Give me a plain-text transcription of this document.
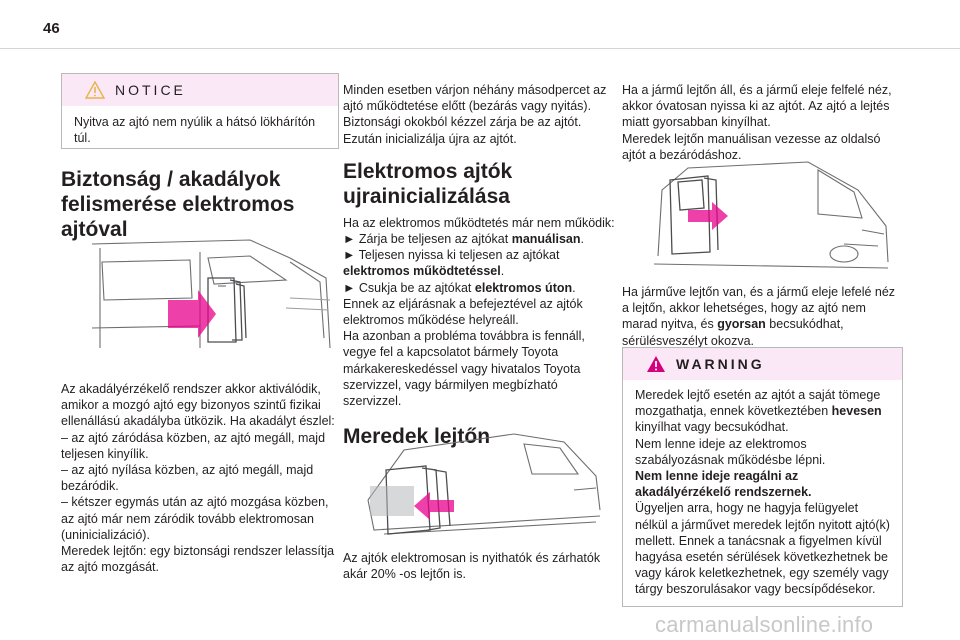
46
NOTICE
Nyitva az ajtó nem nyúlik a hátsó lökhárítón túl.

Biztonság / akadályok

felismerése elektromos

ajtóval

Az akadályérzékelő rendszer akkor aktiválódik, amikor a mozgó ajtó egy bizonyos szintű fizikai ellenállású akadályba ütközik. Ha akadályt észlel:

– az ajtó záródása közben, az ajtó megáll, majd teljesen kinyílik.

– az ajtó nyílása közben, az ajtó megáll, majd bezáródik.

– kétszer egymás után az ajtó mozgása közben, az ajtó már nem záródik tovább elektromosan (uninicializáció).

Meredek lejtőn: egy biztonsági rendszer lelassítja az ajtó mozgását.

Minden esetben várjon néhány másodpercet az ajtó működtetése előtt (bezárás vagy nyitás). Biztonsági okokból kézzel zárja be az ajtót. Ezután inicializálja újra az ajtót.

Elektromos ajtók

ujrainicializálása

Ha az elektromos működtetés már nem működik:

► Zárja be teljesen az ajtókat manuálisan.

► Teljesen nyissa ki teljesen az ajtókat elektromos működtetéssel.

► Csukja be az ajtókat elektromos úton.

Ennek az eljárásnak a befejeztével az ajtók elektromos működése helyreáll.

Ha azonban a probléma továbbra is fennáll, vegye fel a kapcsolatot bármely Toyota márkakereskedéssel vagy hivatalos Toyota szervizzel, vagy bármilyen megbízható szervizzel.

Meredek lejtőn

Az ajtók elektromosan is nyithatók és zárhatók akár 20% -os lejtőn is.

Ha a jármű lejtőn áll, és a jármű eleje felfelé néz, akkor óvatosan nyissa ki az ajtót. Az ajtó a lejtés miatt gyorsabban kinyílhat.

Meredek lejtőn manuálisan vezesse az oldalsó ajtót a bezáródáshoz.

Ha járműve lejtőn van, és a jármű eleje lefelé néz a lejtőn, akkor lehetséges, hogy az ajtó nem marad nyitva, és gyorsan becsukódhat, sérülésveszélyt okozva.

WARNING

Meredek lejtő esetén az ajtót a saját tömege mozgathatja, ennek következtében hevesen kinyílhat vagy becsukódhat.

Nem lenne ideje az elektromos szabályozásnak működésbe lépni.

Nem lenne ideje reagálni az akadályérzékelő rendszernek.

Ügyeljen arra, hogy ne hagyja felügyelet nélkül a járművet meredek lejtőn nyitott ajtó(k) mellett. Ennek a tanácsnak a figyelmen kívül hagyása esetén sérülések következhetnek be vagy károk keletkezhetnek, egy személy vagy tárgy beszorulásakor vagy becsípődésekor.

carmanualsonline.info
